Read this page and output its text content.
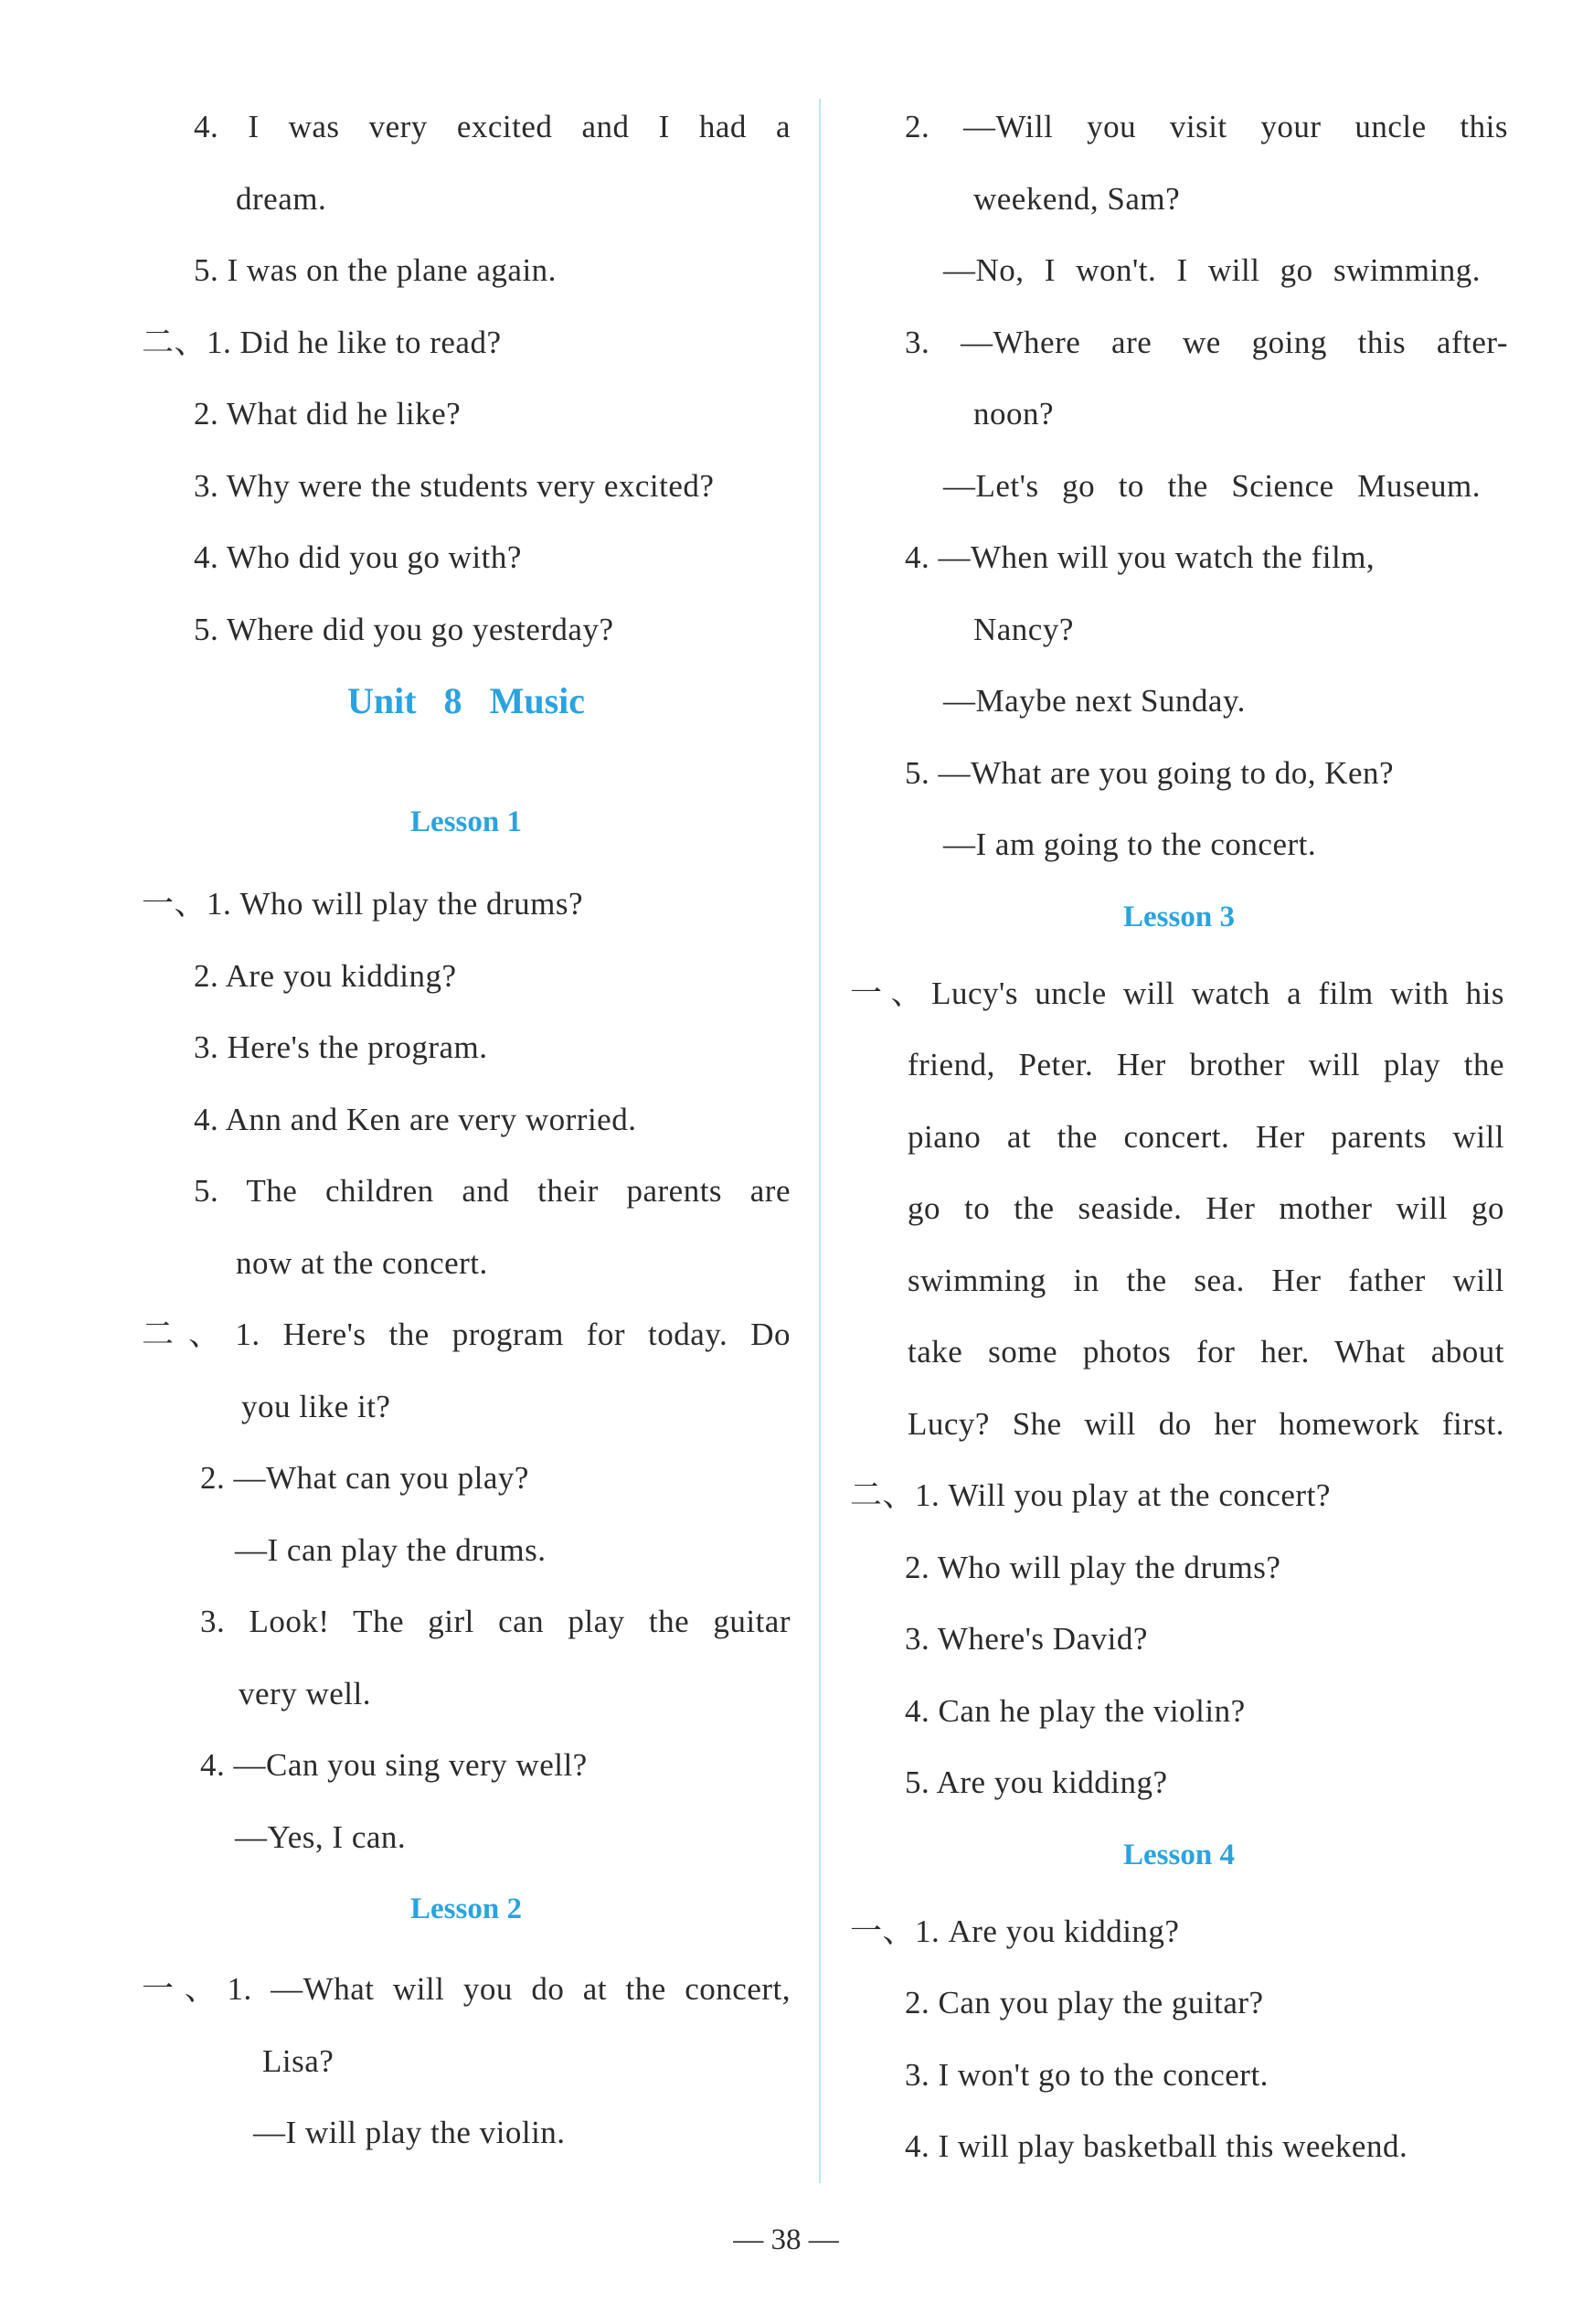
4. I was very excited and I had a
dream.
5. I was on the plane again.
二、1. Did he like to read?
2. What did he like?
3. Why were the students very excited?
4. Who did you go with?
5. Where did you go yesterday?
Unit 8 Music
Lesson 1
一、1. Who will play the drums?
2. Are you kidding?
3. Here's the program.
4. Ann and Ken are very worried.
5. The children and their parents are
now at the concert.
二、1. Here's the program for today. Do
you like it?
2. —What can you play?
—I can play the drums.
3. Look! The girl can play the guitar
very well.
4. —Can you sing very well?
—Yes, I can.
Lesson 2
一、1. —What will you do at the concert,
Lisa?
—I will play the violin.
2. —Will you visit your uncle this
weekend, Sam?
—No, I won't. I will go swimming.
3. —Where are we going this after-
noon?
—Let's go to the Science Museum.
4. —When will you watch the film,
Nancy?
—Maybe next Sunday.
5. —What are you going to do, Ken?
—I am going to the concert.
Lesson 3
一、Lucy's uncle will watch a film with his
friend, Peter. Her brother will play the
piano at the concert. Her parents will
go to the seaside. Her mother will go
swimming in the sea. Her father will
take some photos for her. What about
Lucy? She will do her homework first.
二、1. Will you play at the concert?
2. Who will play the drums?
3. Where's David?
4. Can he play the violin?
5. Are you kidding?
Lesson 4
一、1. Are you kidding?
2. Can you play the guitar?
3. I won't go to the concert.
4. I will play basketball this weekend.
— 38 —
